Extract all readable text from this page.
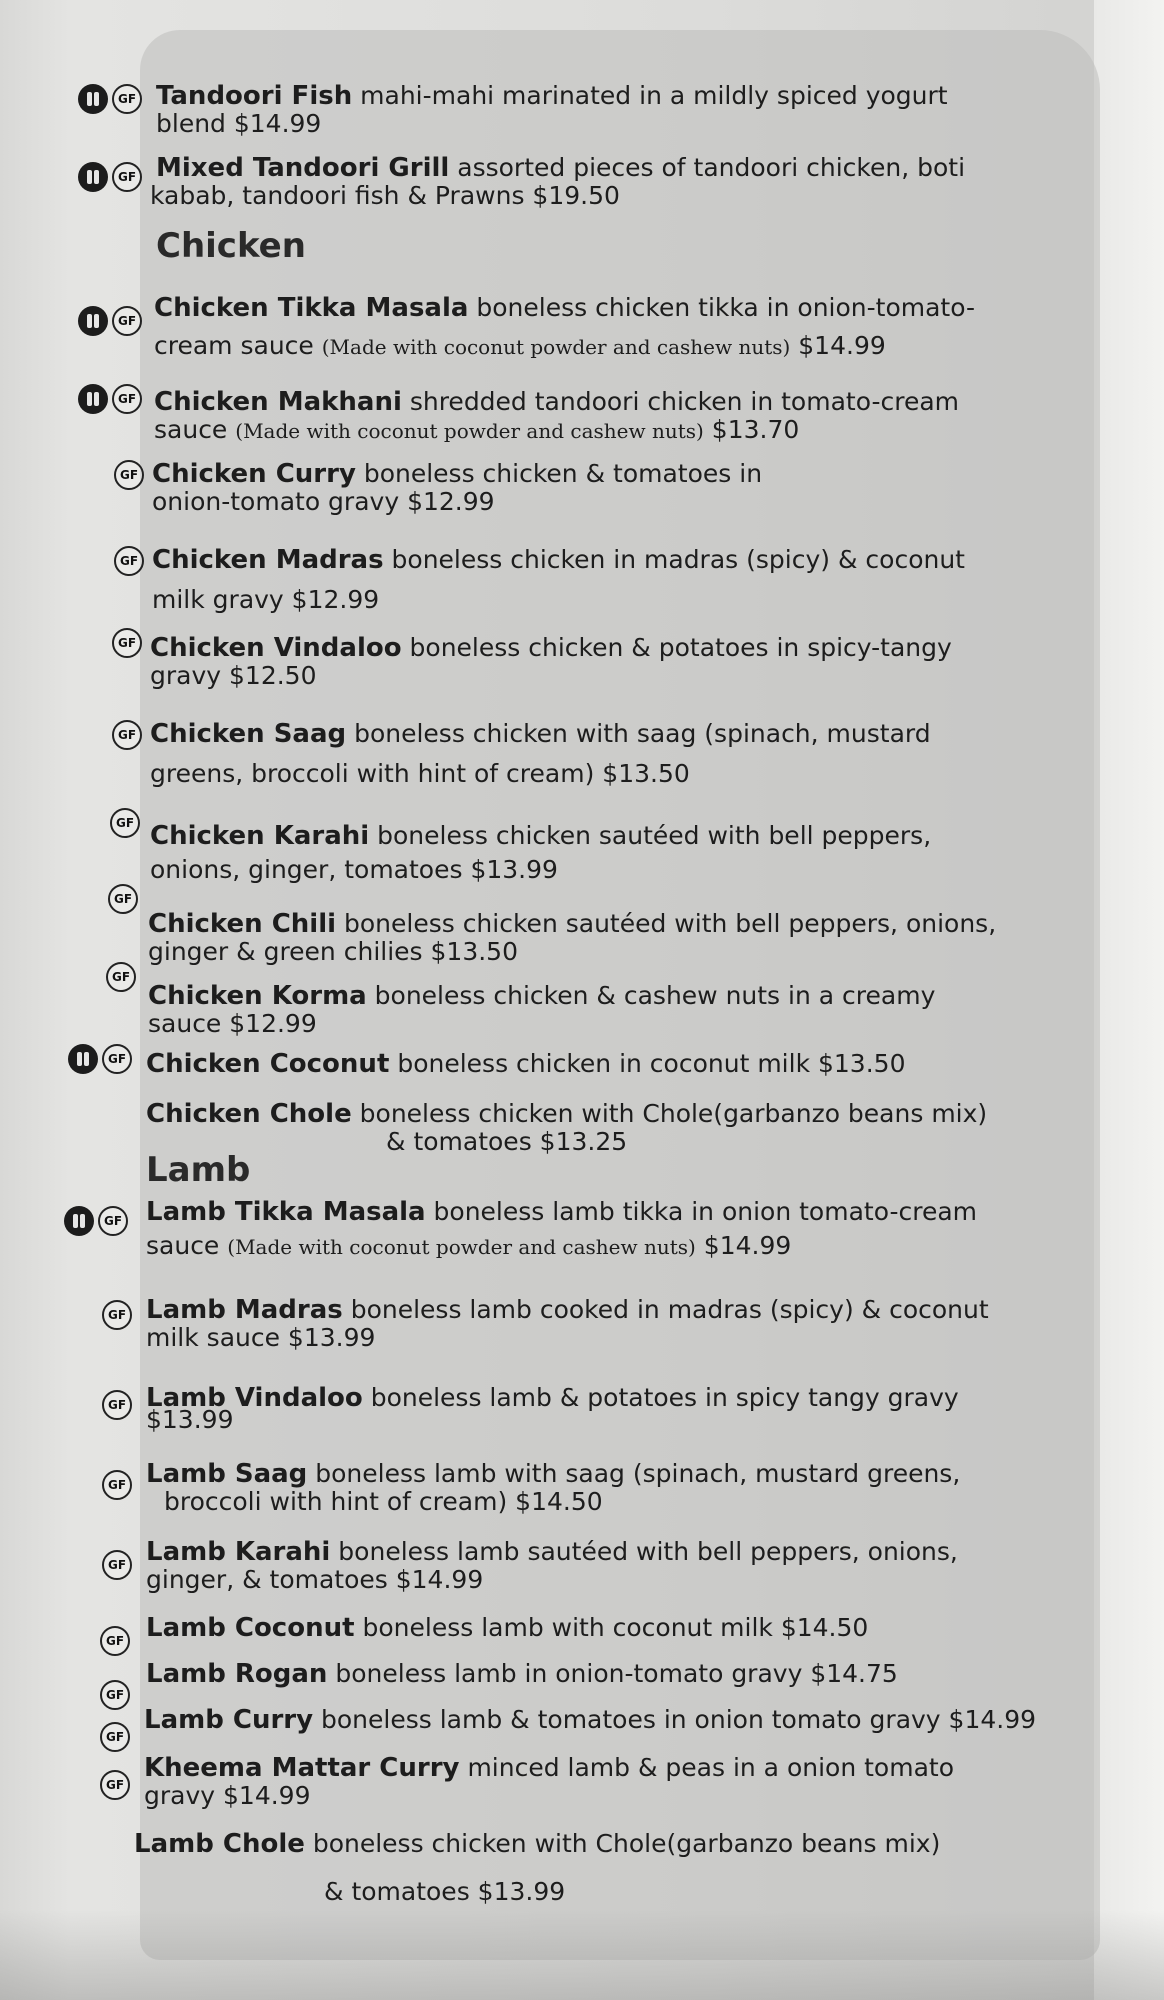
GF Tandoori Fish mahi-mahi marinated in a mildly spiced yogurt
blend $14.99
GF Mixed Tandoori Grill assorted pieces of tandoori chicken, boti
kabab, tandoori fish & Prawns $19.50
Chicken
GF Chicken Tikka Masala boneless chicken tikka in onion-tomato-
cream sauce (Made with coconut powder and cashew nuts) $14.99
GF Chicken Makhani shredded tandoori chicken in tomato-cream
sauce (Made with coconut powder and cashew nuts) $13.70
GF Chicken Curry boneless chicken & tomatoes in
onion-tomato gravy $12.99
GF Chicken Madras boneless chicken in madras (spicy) & coconut
milk gravy $12.99
GF Chicken Vindaloo boneless chicken & potatoes in spicy-tangy
gravy $12.50
GF Chicken Saag boneless chicken with saag (spinach, mustard
greens, broccoli with hint of cream) $13.50
GF Chicken Karahi boneless chicken sautéed with bell peppers,
onions, ginger, tomatoes $13.99
GF
Chicken Chili boneless chicken sautéed with bell peppers, onions,
ginger & green chilies $13.50
GF
Chicken Korma boneless chicken & cashew nuts in a creamy
sauce $12.99
GF Chicken Coconut boneless chicken in coconut milk $13.50
Chicken Chole boneless chicken with Chole(garbanzo beans mix)
& tomatoes $13.25
Lamb
GF Lamb Tikka Masala boneless lamb tikka in onion tomato-cream
sauce (Made with coconut powder and cashew nuts) $14.99
GF Lamb Madras boneless lamb cooked in madras (spicy) & coconut
milk sauce $13.99
GF Lamb Vindaloo boneless lamb & potatoes in spicy tangy gravy
$13.99
GF Lamb Saag boneless lamb with saag (spinach, mustard greens,
broccoli with hint of cream) $14.50
GF Lamb Karahi boneless lamb sautéed with bell peppers, onions,
ginger, & tomatoes $14.99
GF Lamb Coconut boneless lamb with coconut milk $14.50
GF
Lamb Rogan boneless lamb in onion-tomato gravy $14.75
GF
Lamb Curry boneless lamb & tomatoes in onion tomato gravy $14.99
GF
Kheema Mattar Curry minced lamb & peas in a onion tomato
gravy $14.99
Lamb Chole boneless chicken with Chole(garbanzo beans mix)
& tomatoes $13.99
